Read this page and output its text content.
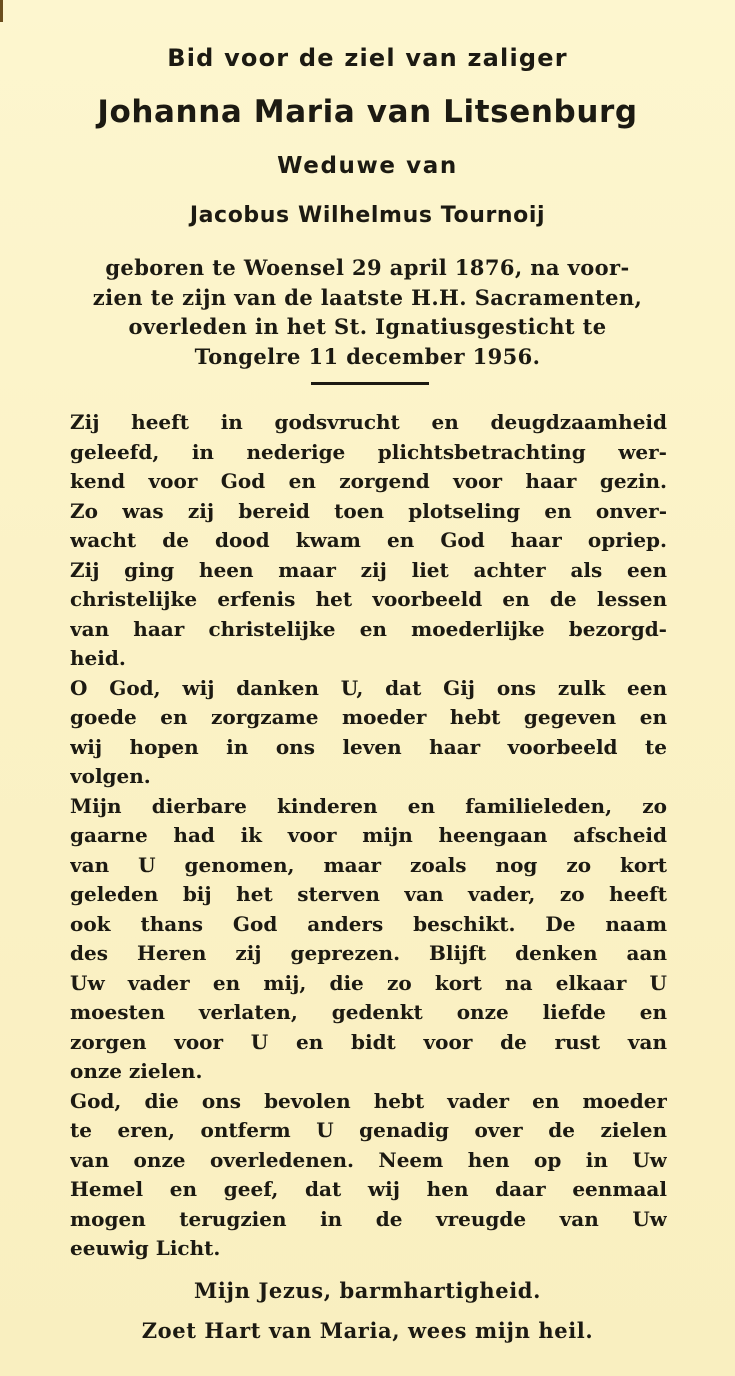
Bid voor de ziel van zaliger
Johanna Maria van Litsenburg
Weduwe van
Jacobus Wilhelmus Tournoij
geboren te Woensel 29 april 1876, na voor-
zien te zijn van de laatste H.H. Sacramenten,
overleden in het St. Ignatiusgesticht te
Tongelre 11 december 1956.
Zij heeft in godsvrucht en deugdzaamheid
geleefd, in nederige plichtsbetrachting wer-
kend voor God en zorgend voor haar gezin.
Zo was zij bereid toen plotseling en onver-
wacht de dood kwam en God haar opriep.
Zij ging heen maar zij liet achter als een
christelijke erfenis het voorbeeld en de lessen
van haar christelijke en moederlijke bezorgd-
heid.
O God, wij danken U, dat Gij ons zulk een
goede en zorgzame moeder hebt gegeven en
wij hopen in ons leven haar voorbeeld te
volgen.
Mijn dierbare kinderen en familieleden, zo
gaarne had ik voor mijn heengaan afscheid
van U genomen, maar zoals nog zo kort
geleden bij het sterven van vader, zo heeft
ook thans God anders beschikt. De naam
des Heren zij geprezen. Blijft denken aan
Uw vader en mij, die zo kort na elkaar U
moesten verlaten, gedenkt onze liefde en
zorgen voor U en bidt voor de rust van
onze zielen.
God, die ons bevolen hebt vader en moeder
te eren, ontferm U genadig over de zielen
van onze overledenen. Neem hen op in Uw
Hemel en geef, dat wij hen daar eenmaal
mogen terugzien in de vreugde van Uw
eeuwig Licht.
Mijn Jezus, barmhartigheid.
Zoet Hart van Maria, wees mijn heil.
